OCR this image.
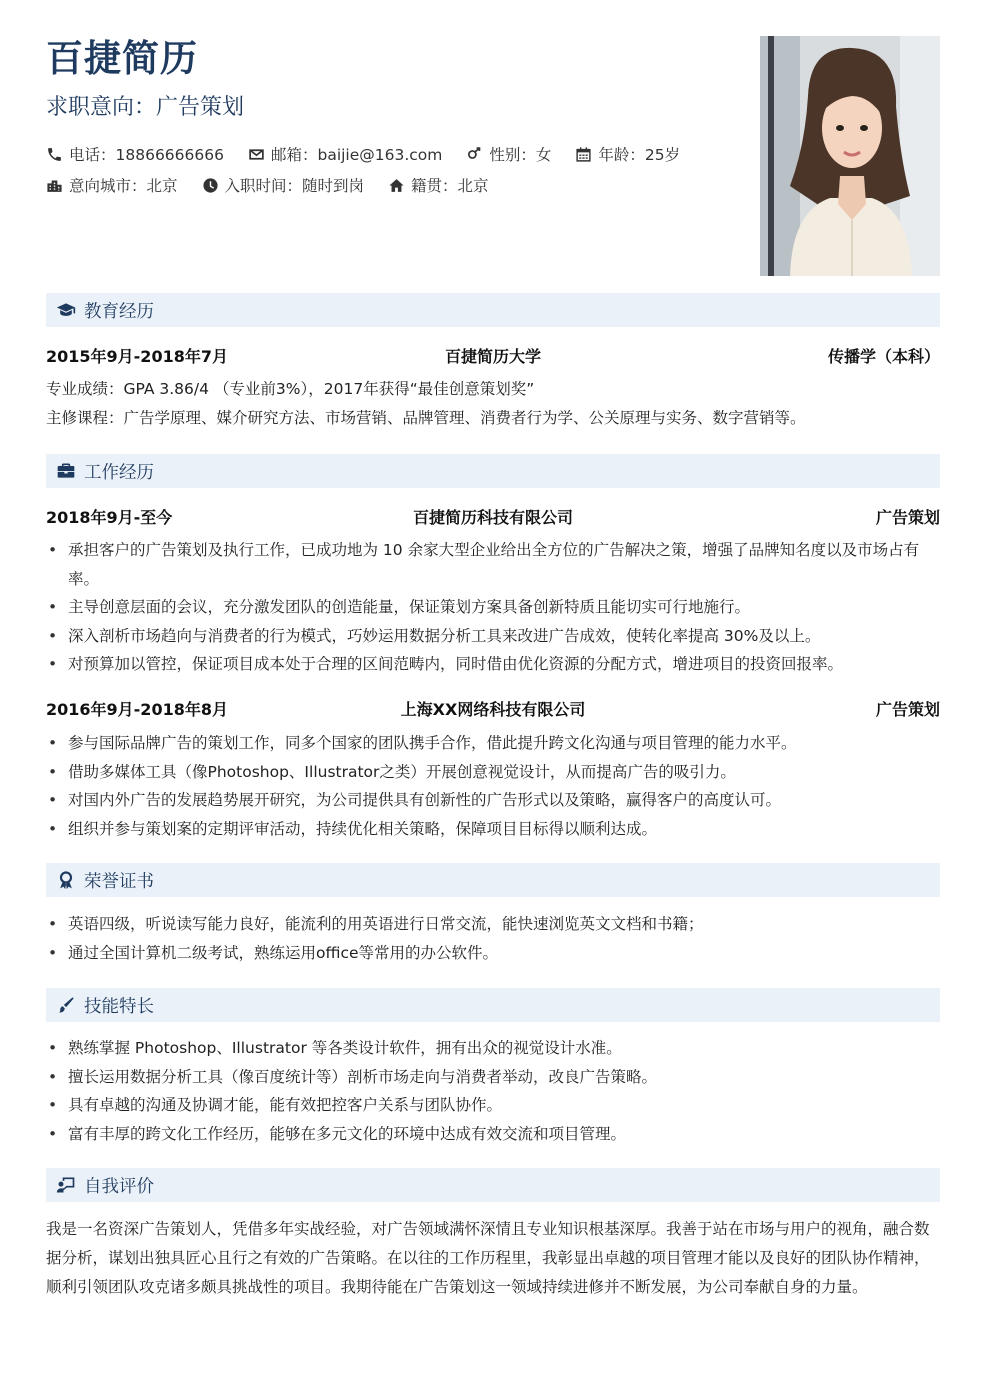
百捷简历
求职意向：广告策划
电话：18866666666	邮箱：baijie@163.com	性别：女	年龄：25岁
意向城市：北京	入职时间：随时到岗	籍贯：北京
教育经历
2015年9月-2018年7月	百捷简历大学	传播学（本科）
专业成绩：GPA 3.86/4 （专业前3%），2017年获得“最佳创意策划奖”
主修课程：广告学原理、媒介研究方法、市场营销、品牌管理、消费者行为学、公关原理与实务、数字营销等。
工作经历
2018年9月-至今	百捷简历科技有限公司	广告策划
• 承担客户的广告策划及执行工作，已成功地为 10 余家大型企业给出全方位的广告解决之策，增强了品牌知名度以及市场占有率。
• 主导创意层面的会议，充分激发团队的创造能量，保证策划方案具备创新特质且能切实可行地施行。
• 深入剖析市场趋向与消费者的行为模式，巧妙运用数据分析工具来改进广告成效，使转化率提高 30%及以上。
• 对预算加以管控，保证项目成本处于合理的区间范畴内，同时借由优化资源的分配方式，增进项目的投资回报率。
2016年9月-2018年8月	上海XX网络科技有限公司	广告策划
• 参与国际品牌广告的策划工作，同多个国家的团队携手合作，借此提升跨文化沟通与项目管理的能力水平。
• 借助多媒体工具（像Photoshop、Illustrator之类）开展创意视觉设计，从而提高广告的吸引力。
• 对国内外广告的发展趋势展开研究，为公司提供具有创新性的广告形式以及策略，赢得客户的高度认可。
• 组织并参与策划案的定期评审活动，持续优化相关策略，保障项目目标得以顺利达成。
荣誉证书
• 英语四级，听说读写能力良好，能流利的用英语进行日常交流，能快速浏览英文文档和书籍；
• 通过全国计算机二级考试，熟练运用office等常用的办公软件。
技能特长
• 熟练掌握 Photoshop、Illustrator 等各类设计软件，拥有出众的视觉设计水准。
• 擅长运用数据分析工具（像百度统计等）剖析市场走向与消费者举动，改良广告策略。
• 具有卓越的沟通及协调才能，能有效把控客户关系与团队协作。
• 富有丰厚的跨文化工作经历，能够在多元文化的环境中达成有效交流和项目管理。
自我评价
我是一名资深广告策划人，凭借多年实战经验，对广告领域满怀深情且专业知识根基深厚。我善于站在市场与用户的视角，融合数据分析，谋划出独具匠心且行之有效的广告策略。在以往的工作历程里，我彰显出卓越的项目管理才能以及良好的团队协作精神，顺利引领团队攻克诸多颇具挑战性的项目。我期待能在广告策划这一领域持续进修并不断发展，为公司奉献自身的力量。
